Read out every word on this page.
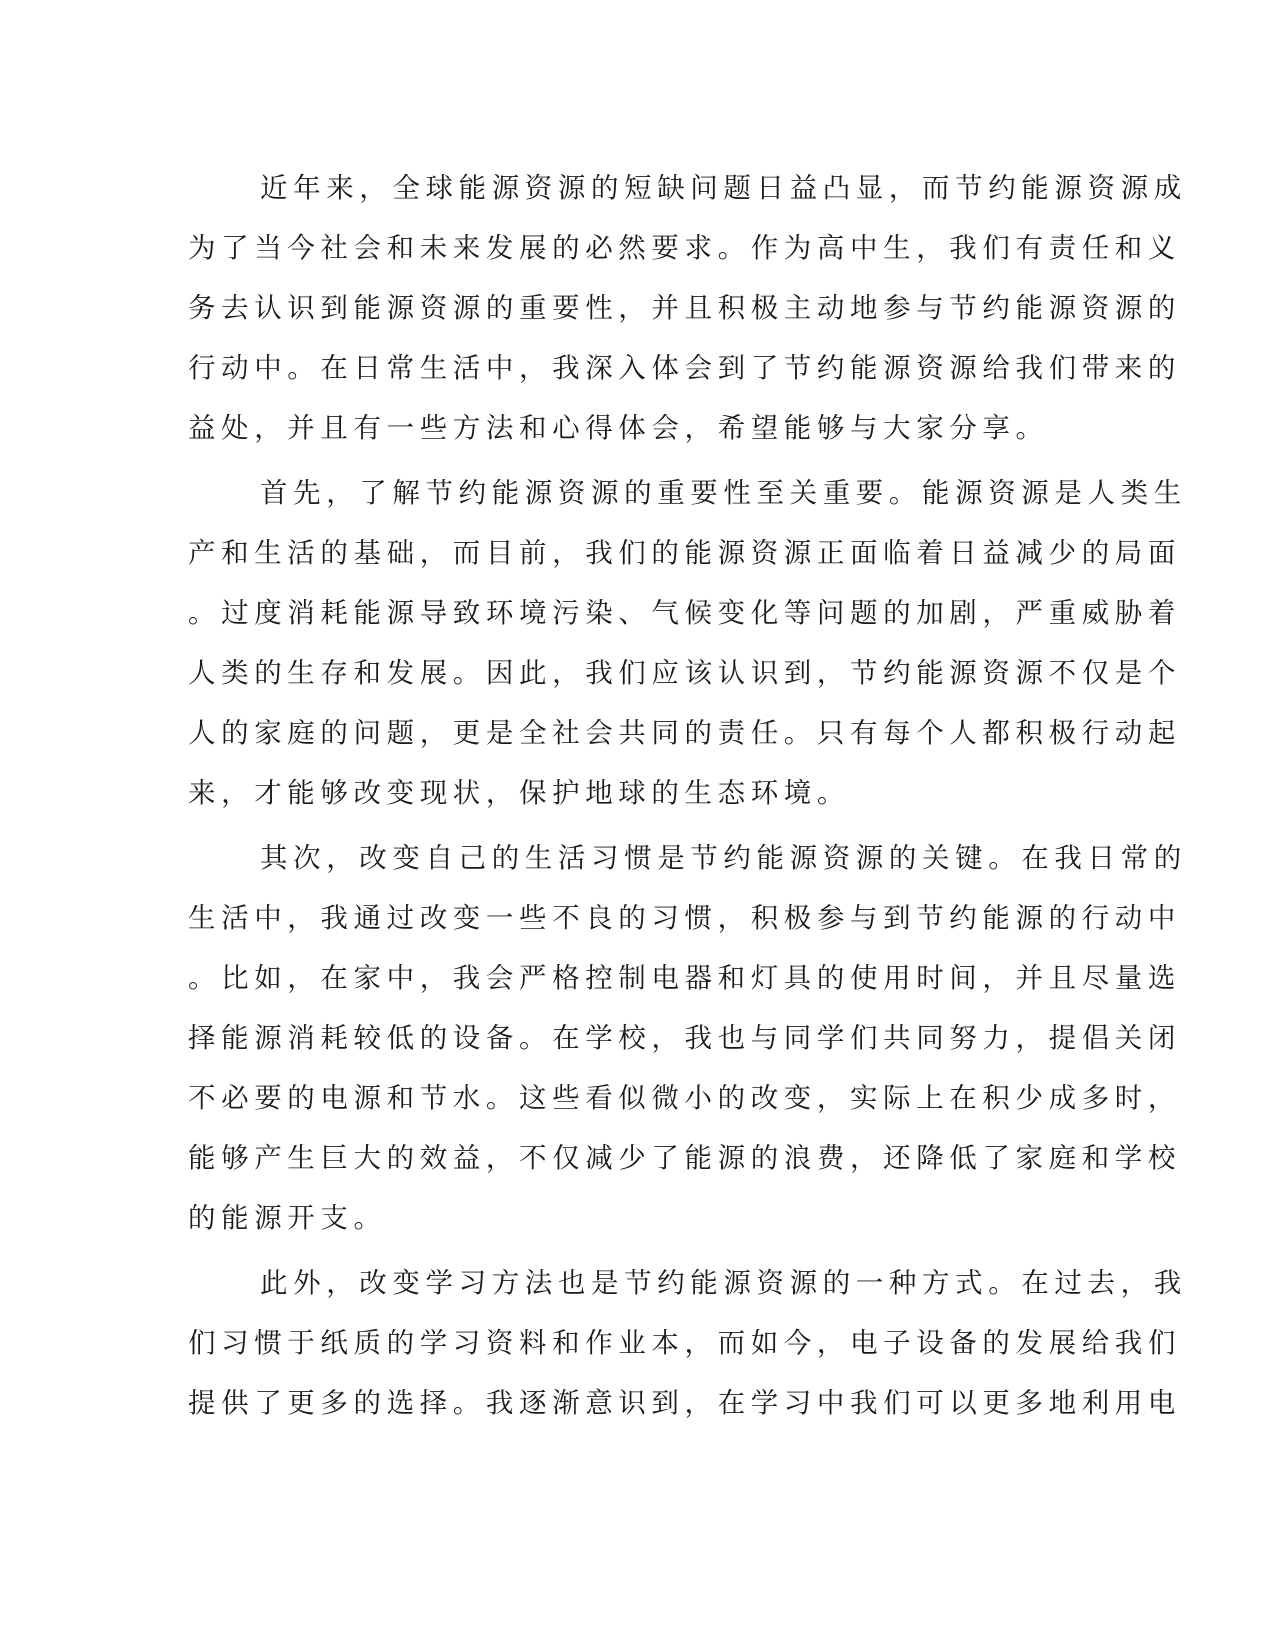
近年来，全球能源资源的短缺问题日益凸显，而节约能源资源成
为了当今社会和未来发展的必然要求。作为高中生，我们有责任和义
务去认识到能源资源的重要性，并且积极主动地参与节约能源资源的
行动中。在日常生活中，我深入体会到了节约能源资源给我们带来的
益处，并且有一些方法和心得体会，希望能够与大家分享。
首先，了解节约能源资源的重要性至关重要。能源资源是人类生
产和生活的基础，而目前，我们的能源资源正面临着日益减少的局面
。过度消耗能源导致环境污染、气候变化等问题的加剧，严重威胁着
人类的生存和发展。因此，我们应该认识到，节约能源资源不仅是个
人的家庭的问题，更是全社会共同的责任。只有每个人都积极行动起
来，才能够改变现状，保护地球的生态环境。
其次，改变自己的生活习惯是节约能源资源的关键。在我日常的
生活中，我通过改变一些不良的习惯，积极参与到节约能源的行动中
。比如，在家中，我会严格控制电器和灯具的使用时间，并且尽量选
择能源消耗较低的设备。在学校，我也与同学们共同努力，提倡关闭
不必要的电源和节水。这些看似微小的改变，实际上在积少成多时，
能够产生巨大的效益，不仅减少了能源的浪费，还降低了家庭和学校
的能源开支。
此外，改变学习方法也是节约能源资源的一种方式。在过去，我
们习惯于纸质的学习资料和作业本，而如今，电子设备的发展给我们
提供了更多的选择。我逐渐意识到，在学习中我们可以更多地利用电
